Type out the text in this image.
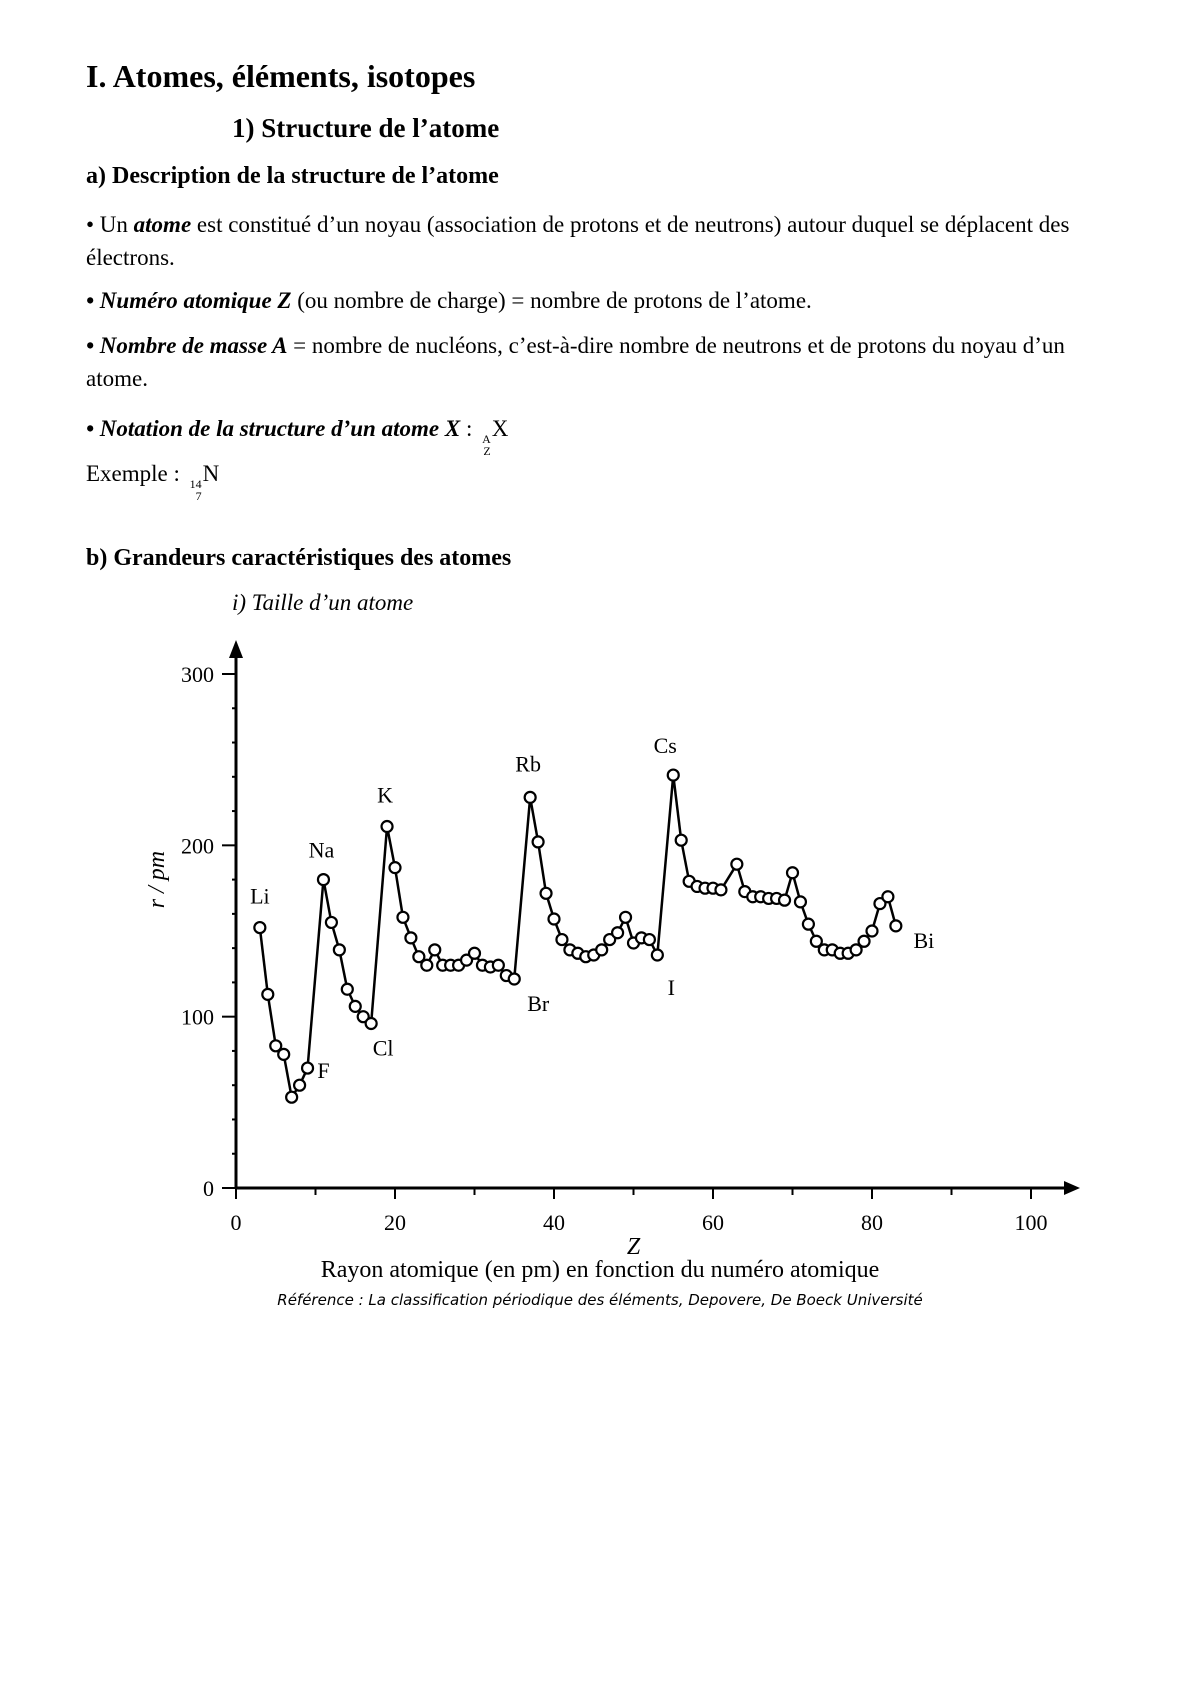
I. Atomes, éléments, isotopes
1) Structure de l’atome
a) Description de la structure de l’atome

• Un atome est constitué d’un noyau (association de protons et de neutrons) autour duquel se déplacent des électrons.

• Numéro atomique Z (ou nombre de charge) = nombre de protons de l’atome.

• Nombre de masse A = nombre de nucléons, c’est-à-dire nombre de neutrons et de protons du noyau d’un atome.

• Notation de la structure d’un atome X : A
Z
X

Exemple : 14
7
N

b) Grandeurs caractéristiques des atomes
i) Taille d’un atome
0	20	40	60	80	100
0
100
200
300
Z
r / pm	Li
F
Na
Cl
K
Br
Rb
I
Cs
Bi
Rayon atomique (en pm) en fonction du numéro atomique
Référence : La classification périodique des éléments, Depovere, De Boeck Université
